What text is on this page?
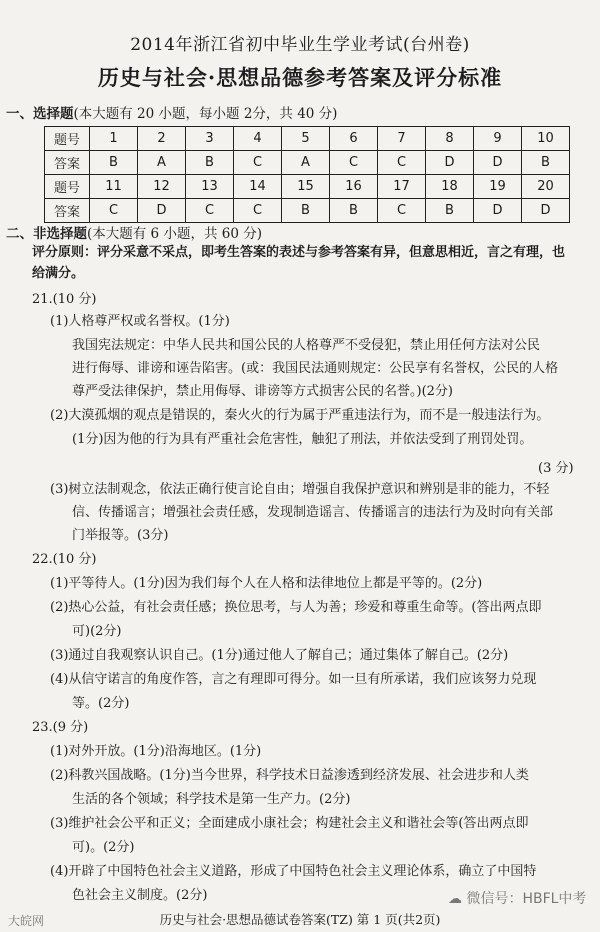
2014年浙江省初中毕业生学业考试(台州卷)
历史与社会·思想品德参考答案及评分标准
一、选择题(本大题有 20 小题，每小题 2分，共 40 分)
题号	1	2	3	4	5	6	7	8	9	10
答案	B	A	B	C	A	C	C	D	D	B
题号	11	12	13	14	15	16	17	18	19	20
答案	C	D	C	C	B	B	C	B	D	D
二、非选择题(本大题有 6 小题，共 60 分)
评分原则：评分采意不采点，即考生答案的表述与参考答案有异，但意思相近，言之有理，也
给满分。
21.(10 分)
(1)人格尊严权或名誉权。(1分)
我国宪法规定：中华人民共和国公民的人格尊严不受侵犯，禁止用任何方法对公民
进行侮辱、诽谤和诬告陷害。(或：我国民法通则规定：公民享有名誉权，公民的人格
尊严受法律保护，禁止用侮辱、诽谤等方式损害公民的名誉。)(2分)
(2)大漠孤烟的观点是错误的，秦火火的行为属于严重违法行为，而不是一般违法行为。
(1分)因为他的行为具有严重社会危害性，触犯了刑法，并依法受到了刑罚处罚。
(3 分)
(3)树立法制观念，依法正确行使言论自由；增强自我保护意识和辨别是非的能力，不轻
信、传播谣言；增强社会责任感，发现制造谣言、传播谣言的违法行为及时向有关部
门举报等。(3分)
22.(10 分)
(1)平等待人。(1分)因为我们每个人在人格和法律地位上都是平等的。(2分)
(2)热心公益，有社会责任感；换位思考，与人为善；珍爱和尊重生命等。(答出两点即
可)(2分)
(3)通过自我观察认识自己。(1分)通过他人了解自己；通过集体了解自己。(2分)
(4)从信守诺言的角度作答，言之有理即可得分。如一旦有所承诺，我们应该努力兑现
等。(2分)
23.(9 分)
(1)对外开放。(1分)沿海地区。(1分)
(2)科教兴国战略。(1分)当今世界，科学技术日益渗透到经济发展、社会进步和人类
生活的各个领域；科学技术是第一生产力。(2分)
(3)维护社会公平和正义；全面建成小康社会；构建社会主义和谐社会等(答出两点即
可)。(2分)
(4)开辟了中国特色社会主义道路，形成了中国特色社会主义理论体系，确立了中国特
色社会主义制度。(2分)
历史与社会·思想品德试卷答案(TZ) 第 1 页(共2页)
大皖网
☁ 微信号：HBFL中考
